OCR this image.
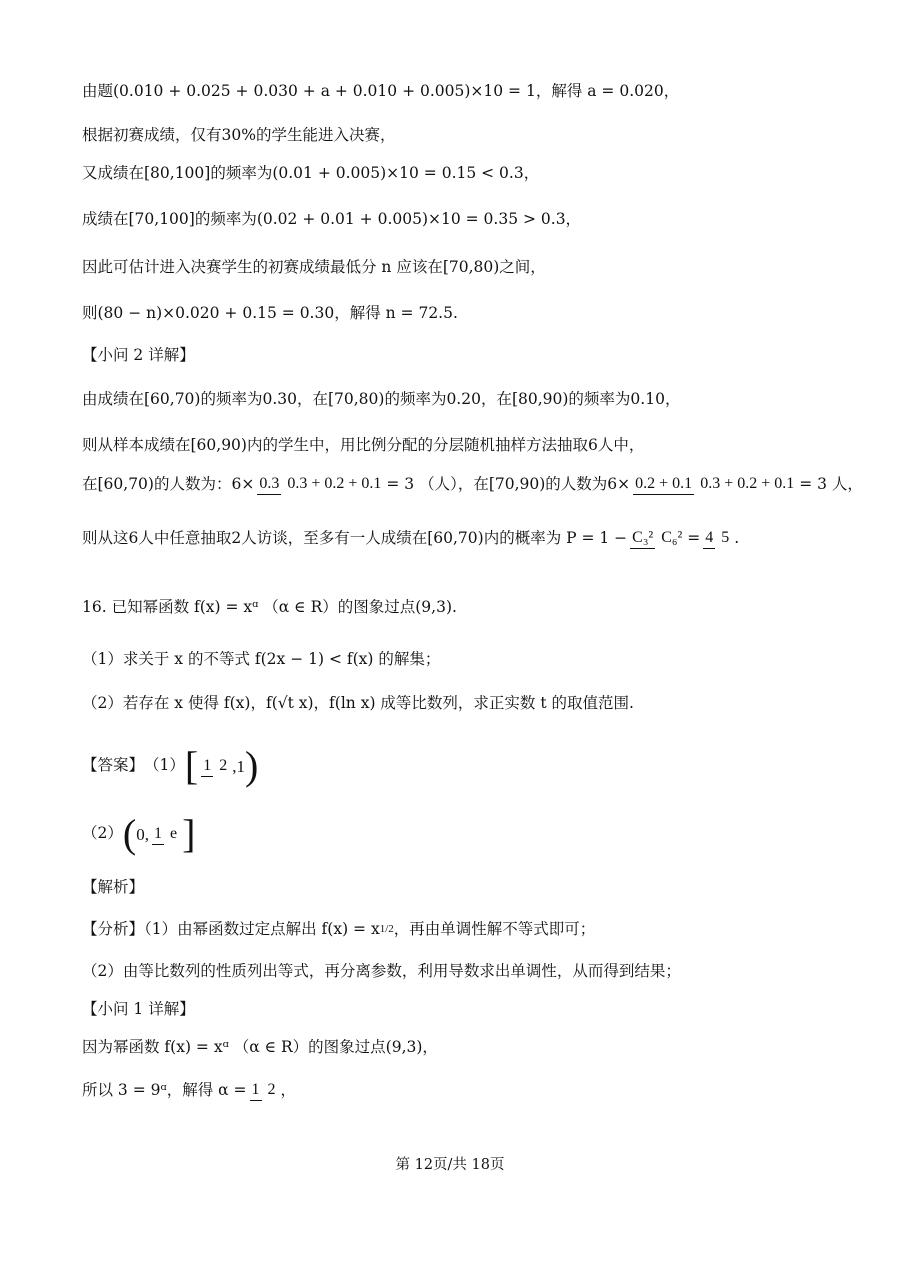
由题(0.010 + 0.025 + 0.030 + a + 0.010 + 0.005)×10 = 1，解得 a = 0.020，
根据初赛成绩，仅有30%的学生能进入决赛，
又成绩在[80,100]的频率为(0.01 + 0.005)×10 = 0.15 < 0.3，
成绩在[70,100]的频率为(0.02 + 0.01 + 0.005)×10 = 0.35 > 0.3，
因此可估计进入决赛学生的初赛成绩最低分 n 应该在[70,80)之间，
则(80 − n)×0.020 + 0.15 = 0.30，解得 n = 72.5.
【小问 2 详解】
由成绩在[60,70)的频率为0.30，在[70,80)的频率为0.20，在[80,90)的频率为0.10，
则从样本成绩在[60,90)内的学生中，用比例分配的分层随机抽样方法抽取6人中，
在[60,70)的人数为：6× 0.3 0.3 + 0.2 + 0.1 = 3 （人），在[70,90)的人数为6× 0.2 + 0.1 0.3 + 0.2 + 0.1 = 3 人，
则从这6人中任意抽取2人访谈，至多有一人成绩在[60,70)内的概率为 P = 1 − C₃² C₆² = 4 5 .
16. 已知幂函数 f(x) = xᵅ （α ∈ R）的图象过点(9,3).
（1）求关于 x 的不等式 f(2x − 1) < f(x) 的解集；
（2）若存在 x 使得 f(x)，f(√t x)，f(ln x) 成等比数列，求正实数 t 的取值范围.
【答案】 （1） [ 1 2 ,1 )
（2） ( 0, 1 e ]
【解析】
【分析】（1）由幂函数过定点解出 f(x) = x 1/2 ，再由单调性解不等式即可；
（2）由等比数列的性质列出等式，再分离参数，利用导数求出单调性，从而得到结果；
【小问 1 详解】
因为幂函数 f(x) = xᵅ （α ∈ R）的图象过点(9,3)，
所以 3 = 9ᵅ，解得 α = 1 2 ，
第 12页/共 18页
